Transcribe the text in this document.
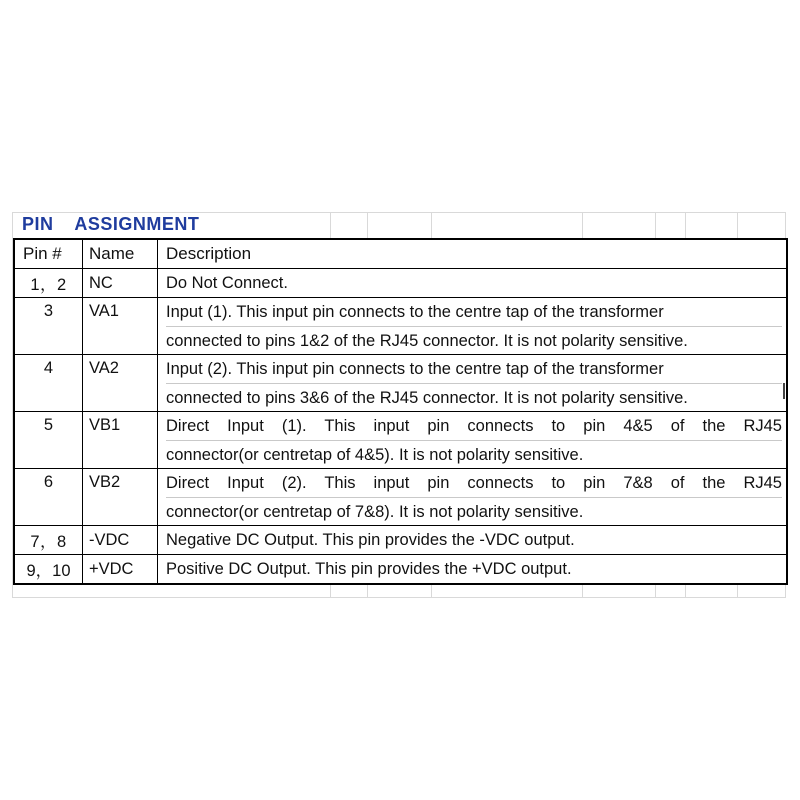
PIN ASSIGNMENT
Pin #	Name	Description
1，2	NC	Do Not Connect.
3	VA1	Input (1). This input pin connects to the centre tap of the transformer
connected to pins 1&2 of the RJ45 connector. It is not polarity sensitive.
4	VA2	Input (2). This input pin connects to the centre tap of the transformer
connected to pins 3&6 of the RJ45 connector. It is not polarity sensitive.
5	VB1	Direct Input (1). This input pin connects to pin 4&5 of the RJ45
connector(or centretap of 4&5). It is not polarity sensitive.
6	VB2	Direct Input (2). This input pin connects to pin 7&8 of the RJ45
connector(or centretap of 7&8). It is not polarity sensitive.
7，8	-VDC	Negative DC Output. This pin provides the -VDC output.
9，10	+VDC	Positive DC Output. This pin provides the +VDC output.
